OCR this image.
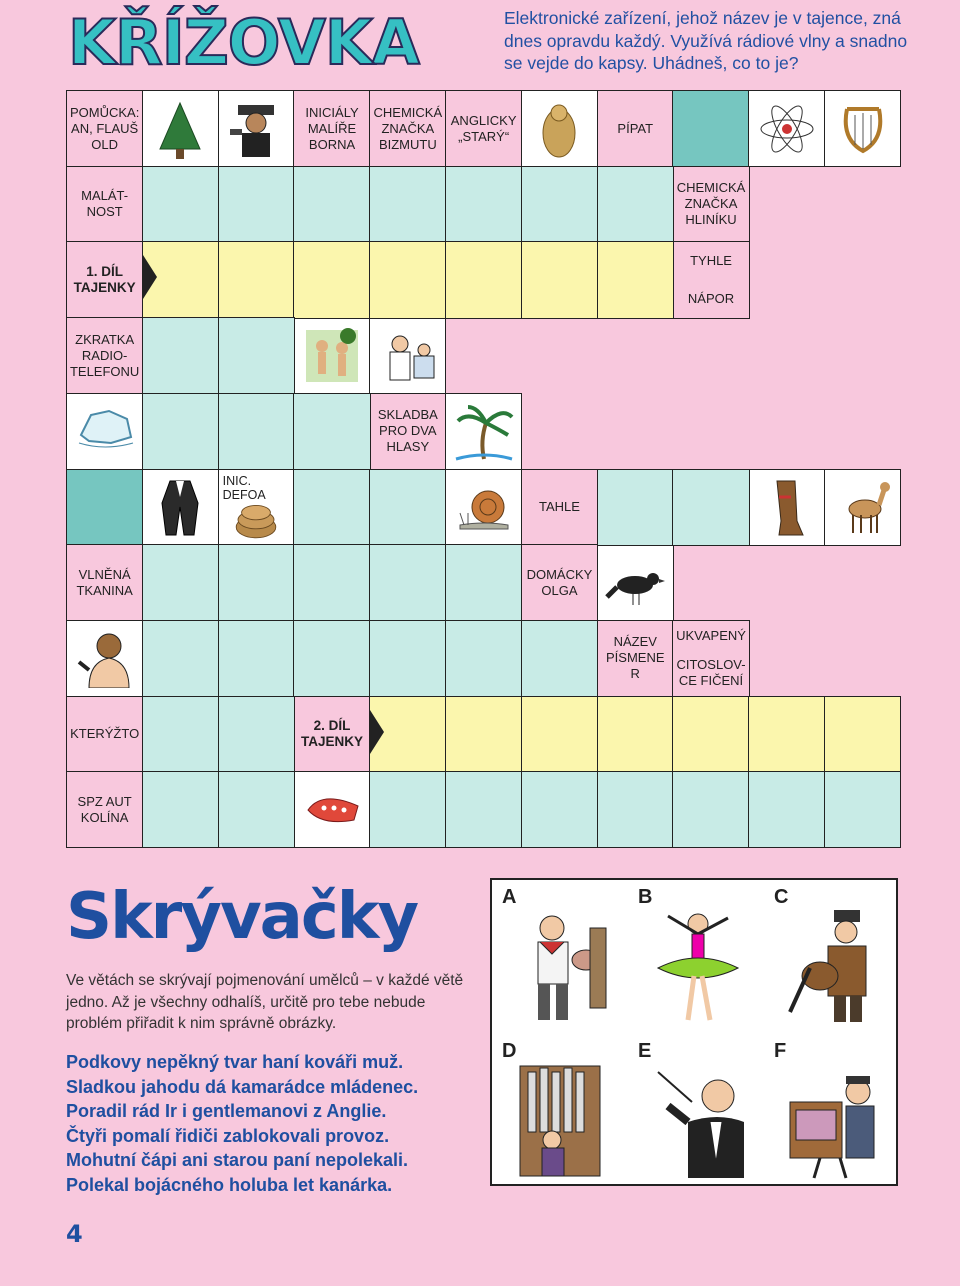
KŘÍŽOVKA	Elektronické zařízení, jehož název je v tajence, zná dnes opravdu každý. Využívá rádiové vlny a snadno se vejde do kapsy. Uhádneš, co to je?
POMŮCKA:
AN, FLAUŠ
OLD
INICIÁLY
MALÍŘE
BORNA
CHEMICKÁ
ZNAČKA
BIZMUTU
ANGLICKY
„STARÝ“
PÍPAT
MALÁT-
NOST
CHEMICKÁ
ZNAČKA
HLINÍKU
1. DÍL
TAJENKY
TYHLE
NÁPOR
ZKRATKA
RADIO-
TELEFONU
SKLADBA
PRO DVA
HLASY
INIC. DEFOA
TAHLE
VLNĚNÁ
TKANINA
DOMÁCKY
OLGA
NÁZEV
PÍSMENE
R
UKVAPENÝ
CITOSLOV-
CE FIČENÍ
KTERÝŽTO
2. DÍL
TAJENKY
SPZ AUT
KOLÍNA
Skrývačky
Ve větách se skrývají pojmenování umělců – v každé větě jedno. Až je všechny odhalíš, určitě pro tebe nebude problém přiřadit k nim správně obrázky.
Podkovy nepěkný tvar haní kováři muž.
Sladkou jahodu dá kamarádce mládenec.
Poradil rád Ir i gentlemanovi z Anglie.
Čtyři pomalí řidiči zablokovali provoz.
Mohutní čápi ani starou paní nepolekali.
Polekal bojácného holuba let kanárka.
A	B	C
D	E	F
4
